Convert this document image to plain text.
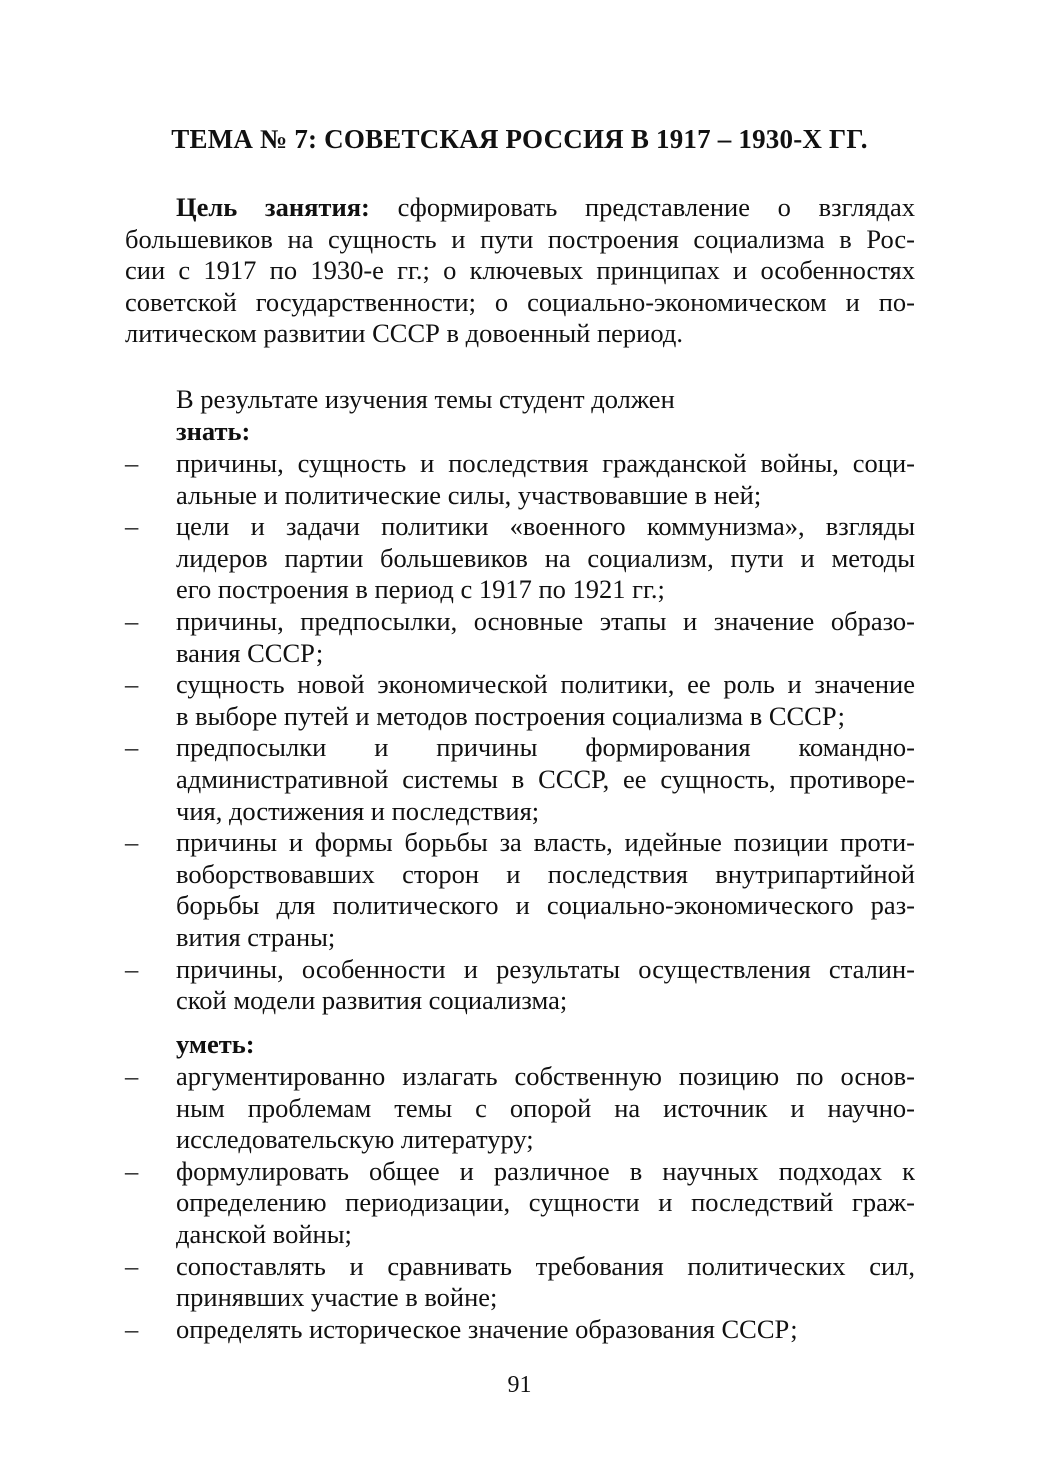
ТЕМА № 7: СОВЕТСКАЯ РОССИЯ В 1917 – 1930-Х ГГ.
Цель занятия: сформировать представление о взглядах
большевиков на сущность и пути построения социализма в Рос-
сии с 1917 по 1930-е гг.; о ключевых принципах и особенностях
советской государственности; о социально-экономическом и по-
литическом развитии СССР в довоенный период.
В результате изучения темы студент должен
знать:
– причины, сущность и последствия гражданской войны, соци-
альные и политические силы, участвовавшие в ней;
– цели и задачи политики «военного коммунизма», взгляды
лидеров партии большевиков на социализм, пути и методы
его построения в период с 1917 по 1921 гг.;
– причины, предпосылки, основные этапы и значение образо-
вания СССР;
– сущность новой экономической политики, ее роль и значение
в выборе путей и методов построения социализма в СССР;
– предпосылки и причины формирования командно-
административной системы в СССР, ее сущность, противоре-
чия, достижения и последствия;
– причины и формы борьбы за власть, идейные позиции проти-
воборствовавших сторон и последствия внутрипартийной
борьбы для политического и социально-экономического раз-
вития страны;
– причины, особенности и результаты осуществления сталин-
ской модели развития социализма;
уметь:
– аргументированно излагать собственную позицию по основ-
ным проблемам темы с опорой на источник и научно-
исследовательскую литературу;
– формулировать общее и различное в научных подходах к
определению периодизации, сущности и последствий граж-
данской войны;
– сопоставлять и сравнивать требования политических сил,
принявших участие в войне;
– определять историческое значение образования СССР;
91
